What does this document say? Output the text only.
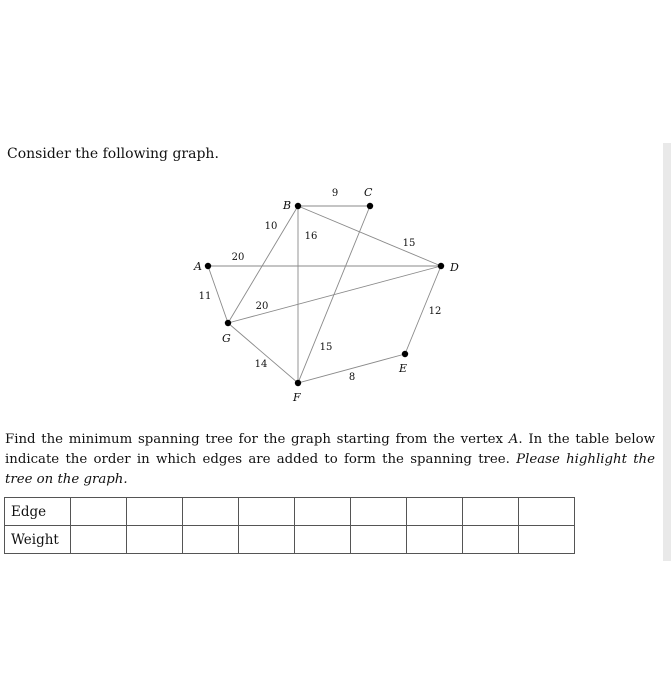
Consider the following graph.

11
20
10
9
16
15
20
14
15
12
8
A
B
C
D
E
F
G

Find the minimum spanning tree for the graph starting from the vertex A. In the table below indicate the order in which edges are added to form the spanning tree. Please highlight the tree on the graph.

Edge									
Weight									
